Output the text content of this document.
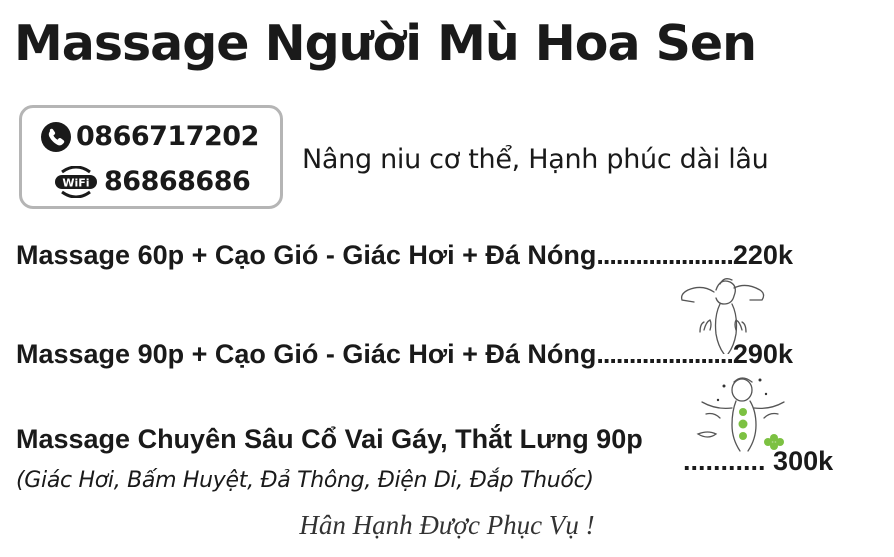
Massage Người Mù Hoa Sen
0866717202
WiFi 86868686
Nâng niu cơ thể, Hạnh phúc dài lâu
Massage 60p + Cạo Gió - Giác Hơi + Đá Nóng.....................220k
Massage 90p + Cạo Gió - Giác Hơi + Đá Nóng.....................290k
Massage Chuyên Sâu Cổ Vai Gáy, Thắt Lưng 90p
........... 300k
(Giác Hơi, Bấm Huyệt, Đả Thông, Điện Di, Đắp Thuốc)
Hân Hạnh Được Phục Vụ !
